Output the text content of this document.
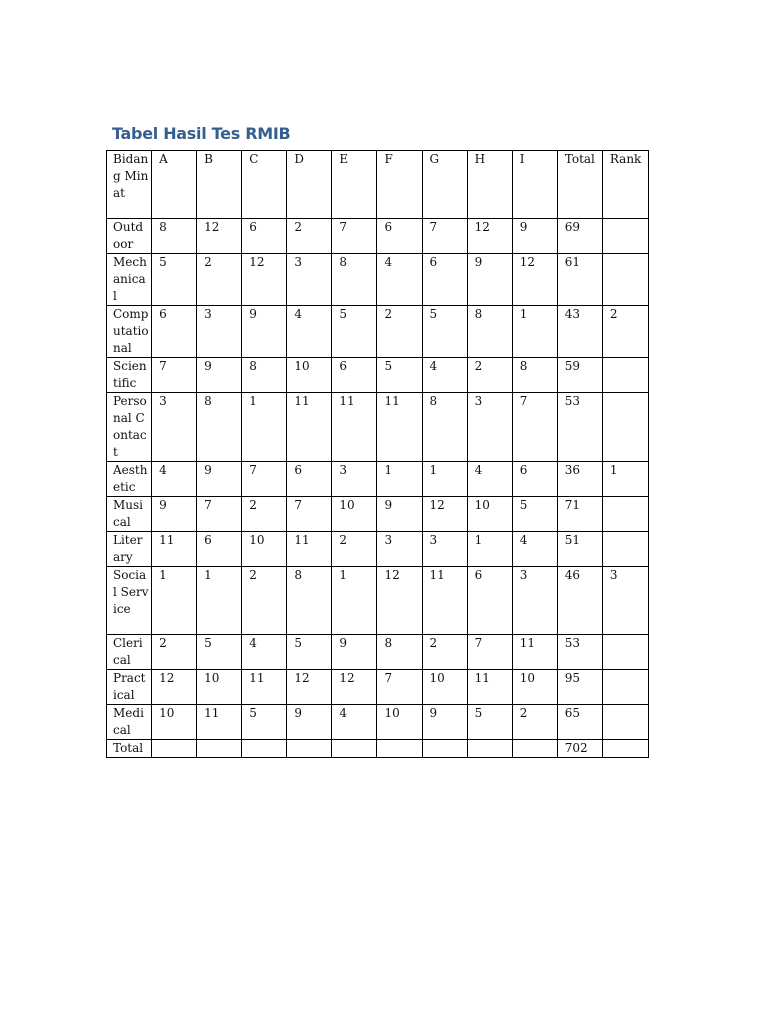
Tabel Hasil Tes RMIB
Bidang Minat	A	B	C	D	E	F	G	H	I	Total	Rank
Outdoor	8	12	6	2	7	6	7	12	9	69	
Mechanical	5	2	12	3	8	4	6	9	12	61	
Computational	6	3	9	4	5	2	5	8	1	43	2
Scientific	7	9	8	10	6	5	4	2	8	59	
Personal Contact	3	8	1	11	11	11	8	3	7	53	
Aesthetic	4	9	7	6	3	1	1	4	6	36	1
Musical	9	7	2	7	10	9	12	10	5	71	
Literary	11	6	10	11	2	3	3	1	4	51	
Social Service	1	1	2	8	1	12	11	6	3	46	3
Clerical	2	5	4	5	9	8	2	7	11	53	
Practical	12	10	11	12	12	7	10	11	10	95	
Medical	10	11	5	9	4	10	9	5	2	65	
Total										702	
